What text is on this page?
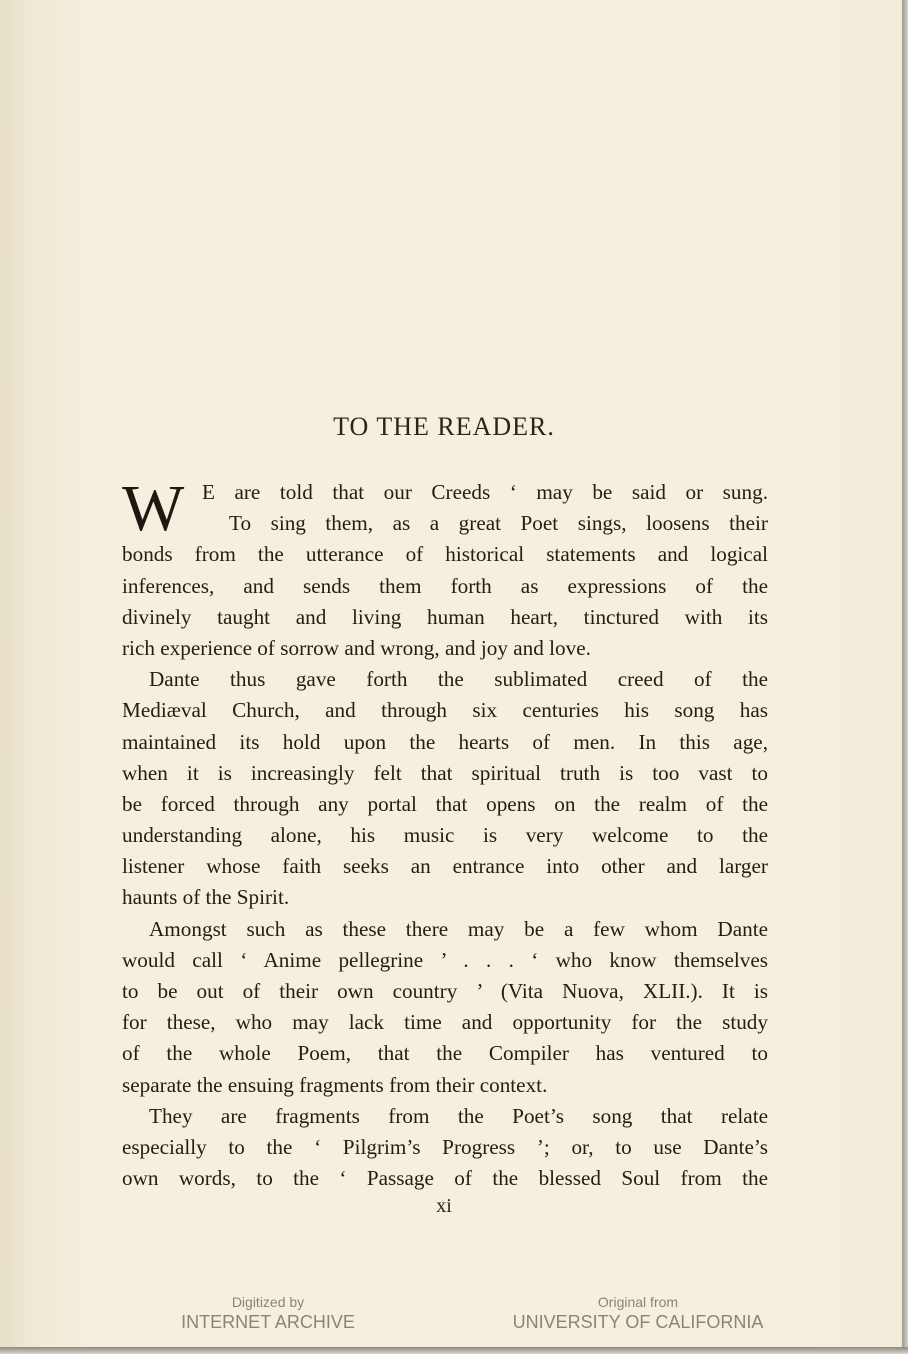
TO THE READER.
W E are told that our Creeds ‘ may be said or sung.
To sing them, as a great Poet sings, loosens their
bonds from the utterance of historical statements and logical
inferences, and sends them forth as expressions of the
divinely taught and living human heart, tinctured with its
rich experience of sorrow and wrong, and joy and love.
Dante thus gave forth the sublimated creed of the
Mediæval Church, and through six centuries his song has
maintained its hold upon the hearts of men. In this age,
when it is increasingly felt that spiritual truth is too vast to
be forced through any portal that opens on the realm of the
understanding alone, his music is very welcome to the
listener whose faith seeks an entrance into other and larger
haunts of the Spirit.
Amongst such as these there may be a few whom Dante
would call ‘ Anime pellegrine ’ . . . ‘ who know themselves
to be out of their own country ’ (Vita Nuova, XLII.). It is
for these, who may lack time and opportunity for the study
of the whole Poem, that the Compiler has ventured to
separate the ensuing fragments from their context.
They are fragments from the Poet’s song that relate
especially to the ‘ Pilgrim’s Progress ’; or, to use Dante’s
own words, to the ‘ Passage of the blessed Soul from the
xi
Digitized by
INTERNET ARCHIVE
Original from
UNIVERSITY OF CALIFORNIA
